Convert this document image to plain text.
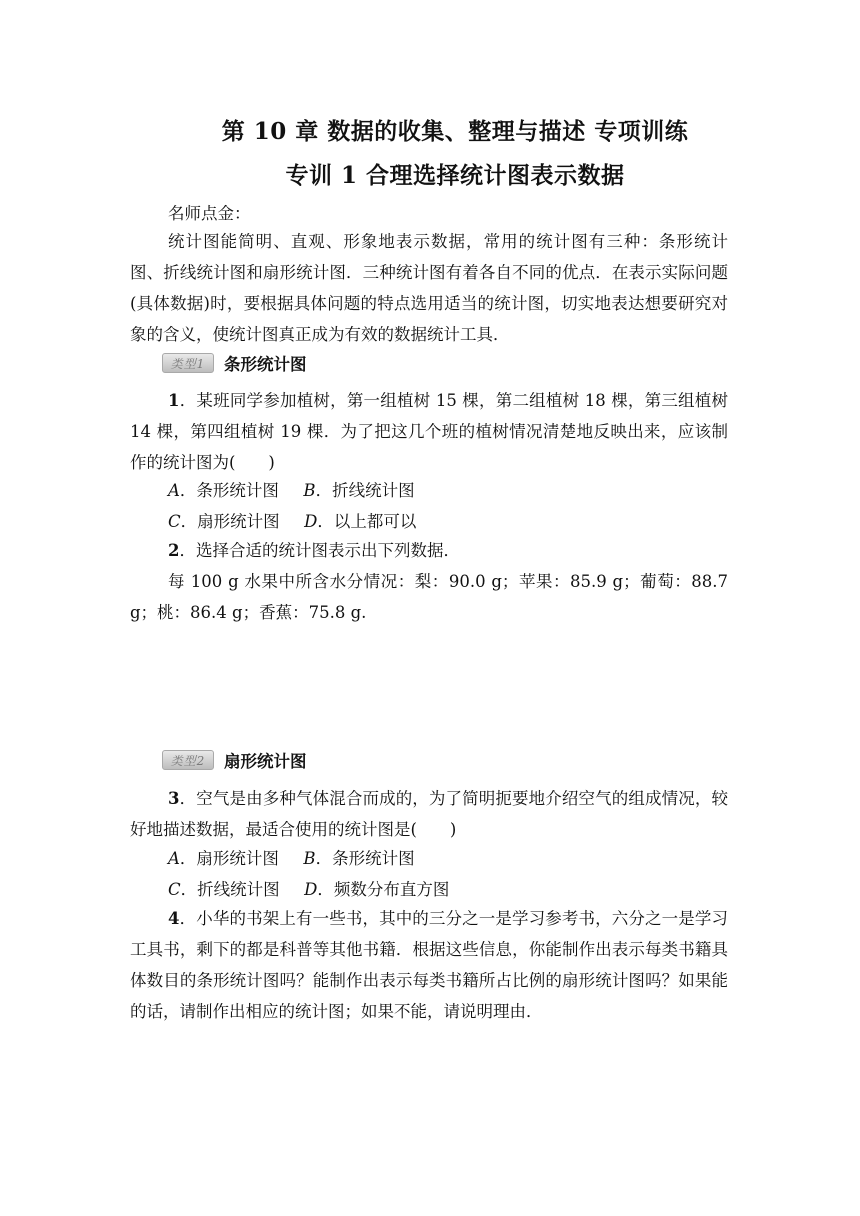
第 10 章 数据的收集、整理与描述 专项训练
专训 1 合理选择统计图表示数据
名师点金：
统计图能简明、直观、形象地表示数据，常用的统计图有三种：条形统计图、折线统计图和扇形统计图．三种统计图有着各自不同的优点．在表示实际问题(具体数据)时，要根据具体问题的特点选用适当的统计图，切实地表达想要研究对象的含义，使统计图真正成为有效的数据统计工具．
类型1	条形统计图
1．某班同学参加植树，第一组植树 15 棵，第二组植树 18 棵，第三组植树 14 棵，第四组植树 19 棵．为了把这几个班的植树情况清楚地反映出来，应该制作的统计图为(　　)
A．条形统计图 B．折线统计图
C．扇形统计图 D．以上都可以
2．选择合适的统计图表示出下列数据．
每 100 g 水果中所含水分情况：梨：90.0 g；苹果：85.9 g；葡萄：88.7 g；桃：86.4 g；香蕉：75.8 g.
类型2	扇形统计图
3．空气是由多种气体混合而成的，为了简明扼要地介绍空气的组成情况，较好地描述数据，最适合使用的统计图是(　　)
A．扇形统计图 B．条形统计图
C．折线统计图 D．频数分布直方图
4．小华的书架上有一些书，其中的三分之一是学习参考书，六分之一是学习工具书，剩下的都是科普等其他书籍．根据这些信息，你能制作出表示每类书籍具体数目的条形统计图吗？能制作出表示每类书籍所占比例的扇形统计图吗？如果能的话，请制作出相应的统计图；如果不能，请说明理由．
